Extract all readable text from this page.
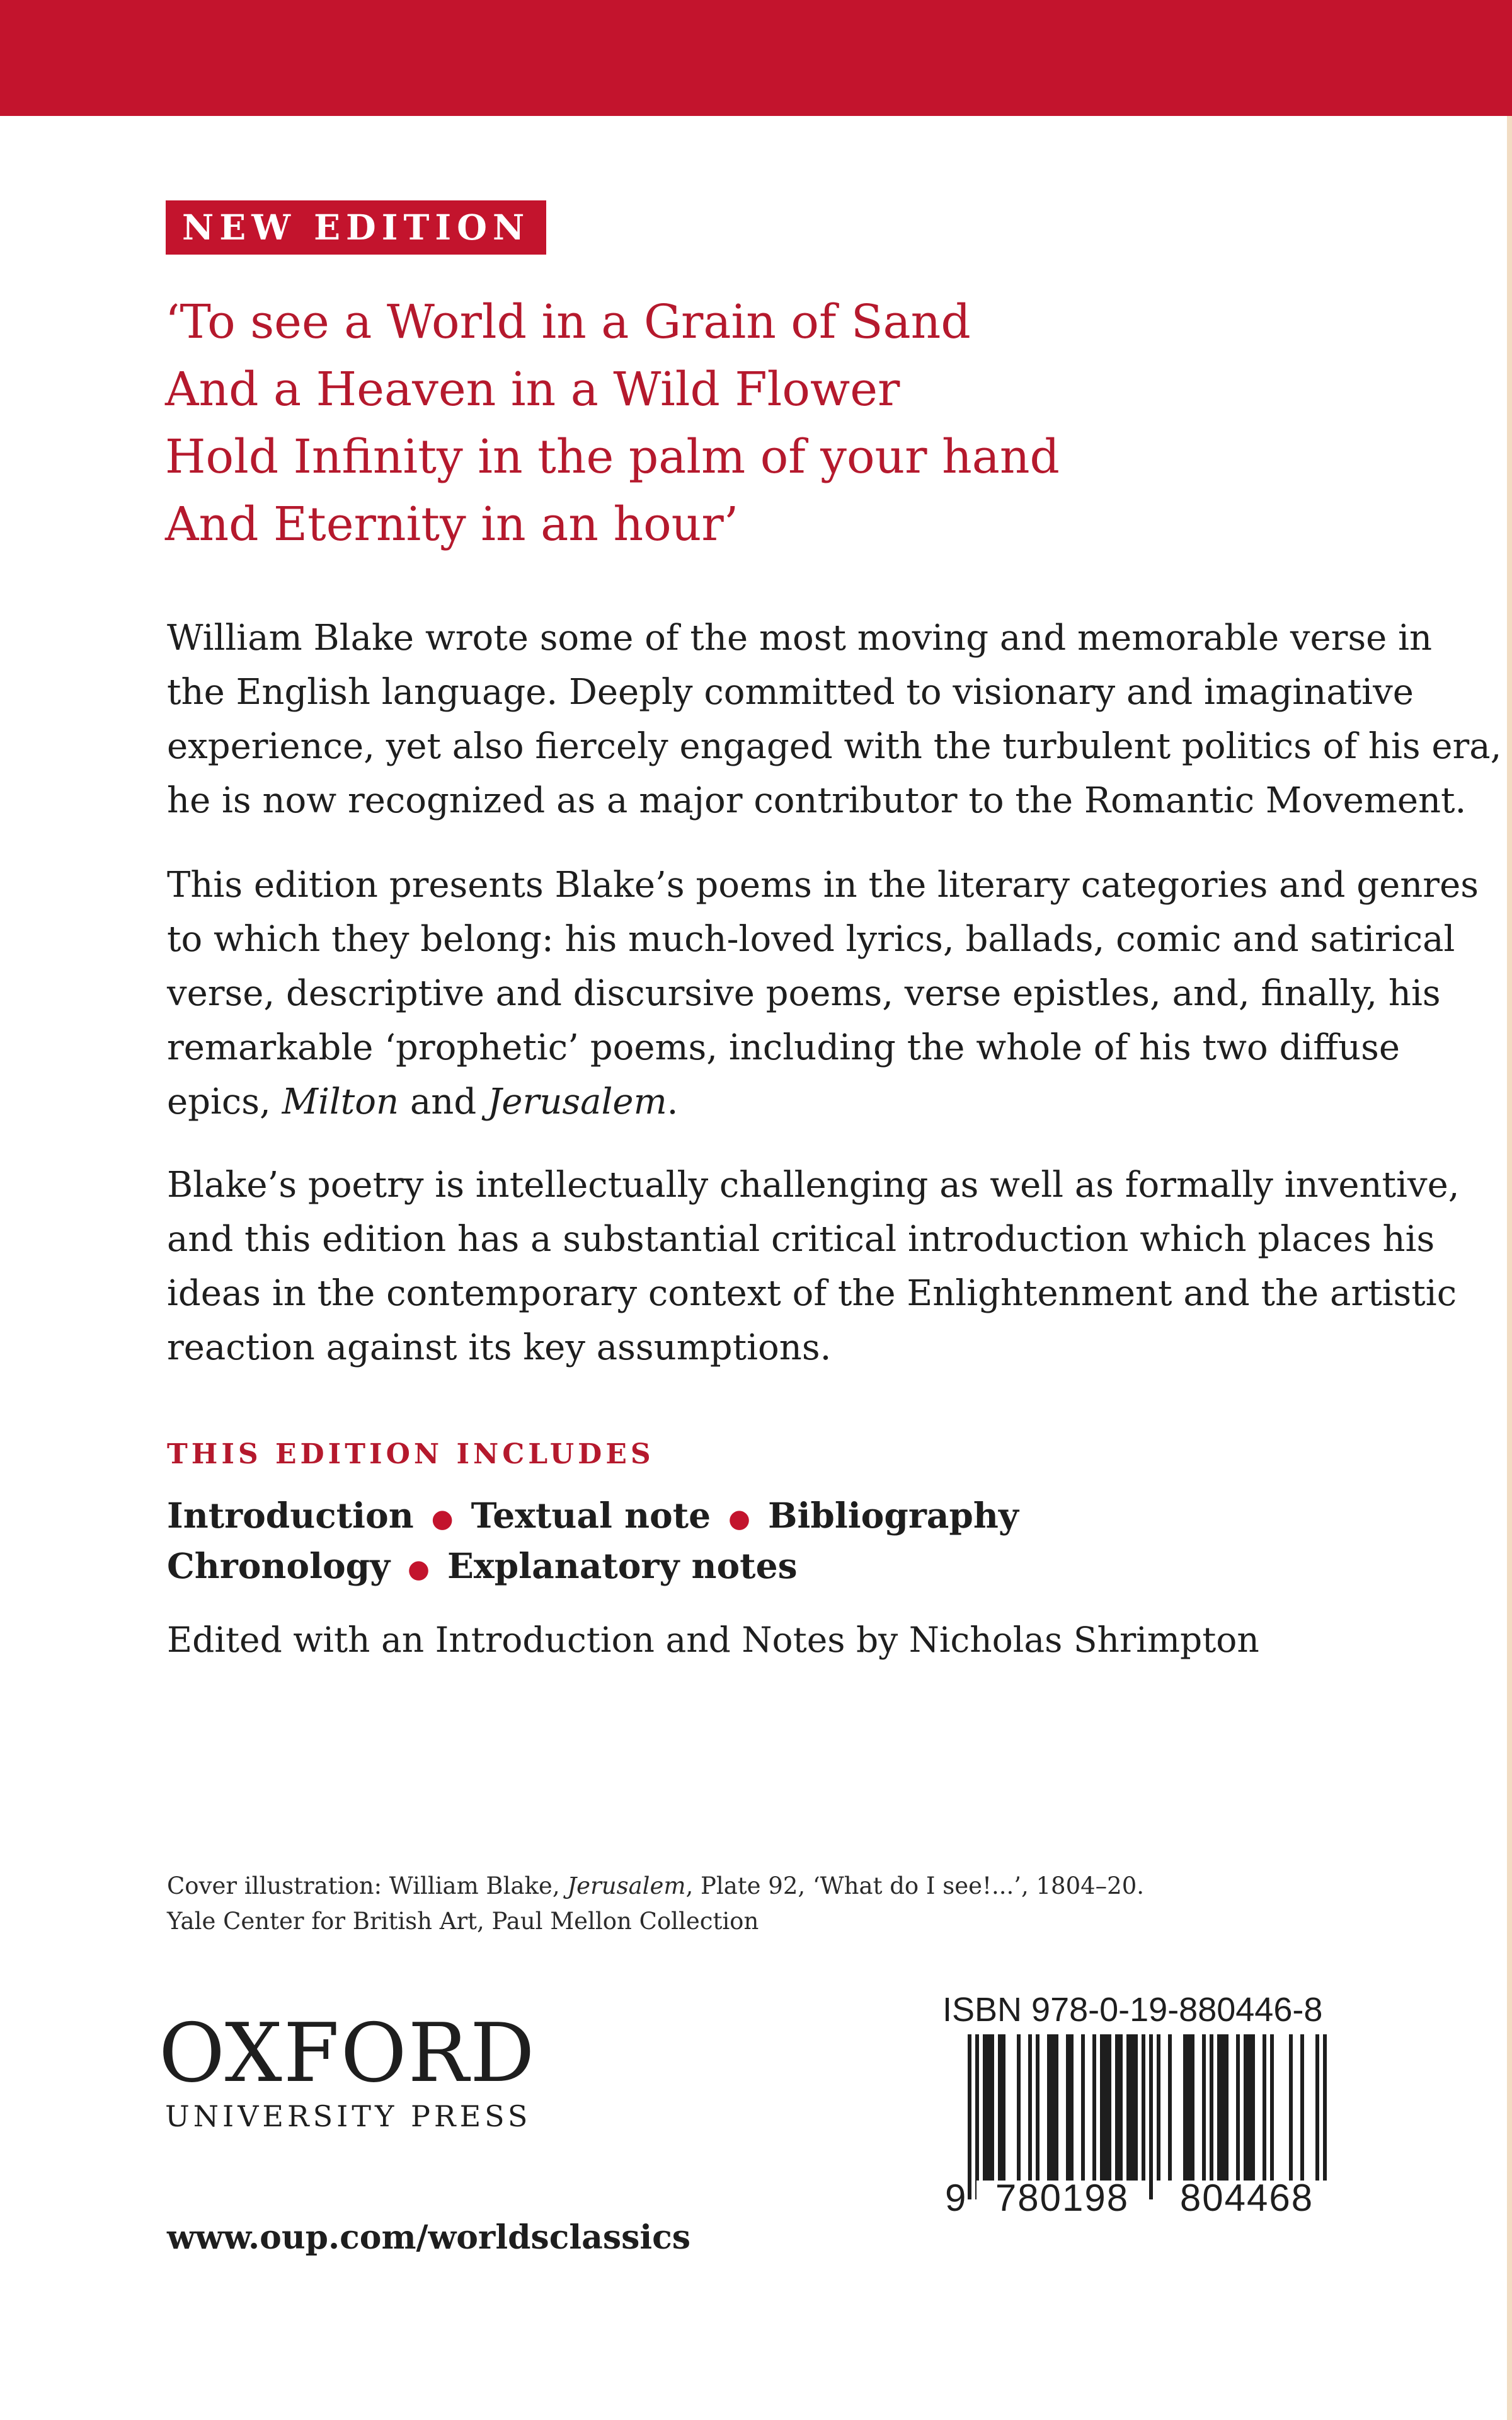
NEW EDITION
‘To see a World in a Grain of Sand
And a Heaven in a Wild Flower
Hold Infinity in the palm of your hand
And Eternity in an hour’
William Blake wrote some of the most moving and memorable verse in
the English language. Deeply committed to visionary and imaginative
experience, yet also fiercely engaged with the turbulent politics of his era,
he is now recognized as a major contributor to the Romantic Movement.
This edition presents Blake’s poems in the literary categories and genres
to which they belong: his much-loved lyrics, ballads, comic and satirical
verse, descriptive and discursive poems, verse epistles, and, finally, his
remarkable ‘prophetic’ poems, including the whole of his two diffuse
epics, Milton and Jerusalem.
Blake’s poetry is intellectually challenging as well as formally inventive,
and this edition has a substantial critical introduction which places his
ideas in the contemporary context of the Enlightenment and the artistic
reaction against its key assumptions.
THIS EDITION INCLUDES
Introduction ● Textual note ● Bibliography
Chronology ● Explanatory notes
Edited with an Introduction and Notes by Nicholas Shrimpton
Cover illustration: William Blake, Jerusalem, Plate 92, ‘What do I see!...’, 1804–20.
Yale Center for British Art, Paul Mellon Collection
OXFORD
UNIVERSITY PRESS
ISBN 978-0-19-880446-8
9 780198 804468
www.oup.com/worldsclassics
